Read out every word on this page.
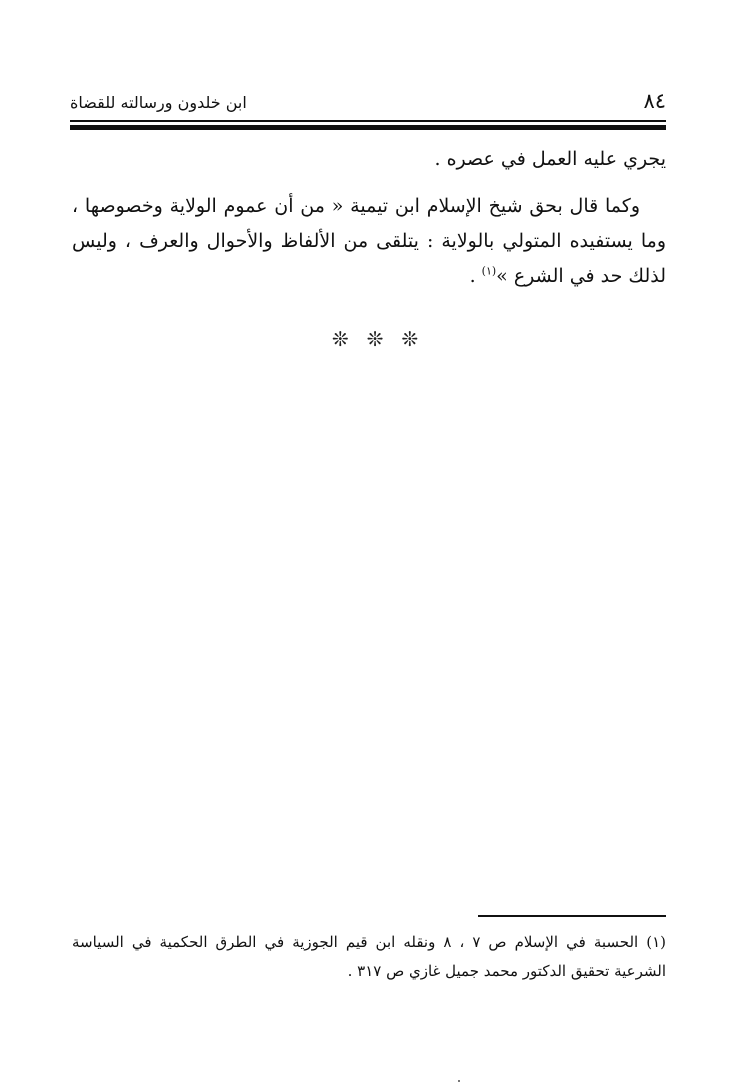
٨٤
ابن خلدون ورسالته للقضاة

يجري عليه العمل في عصره .

وكما قال بحق شيخ الإسلام ابن تيمية « من أن عموم الولاية وخصوصها ، وما يستفيده المتولي بالولاية : يتلقى من الألفاظ والأحوال والعرف ، وليس لذلك حد في الشرع »$^{(١)}$ .

❊ ❊ ❊

(١) الحسبة في الإسلام ص ٧ ، ٨ ونقله ابن قيم الجوزية في الطرق الحكمية في السياسة الشرعية تحقيق الدكتور محمد جميل غازي ص ٣١٧ .
